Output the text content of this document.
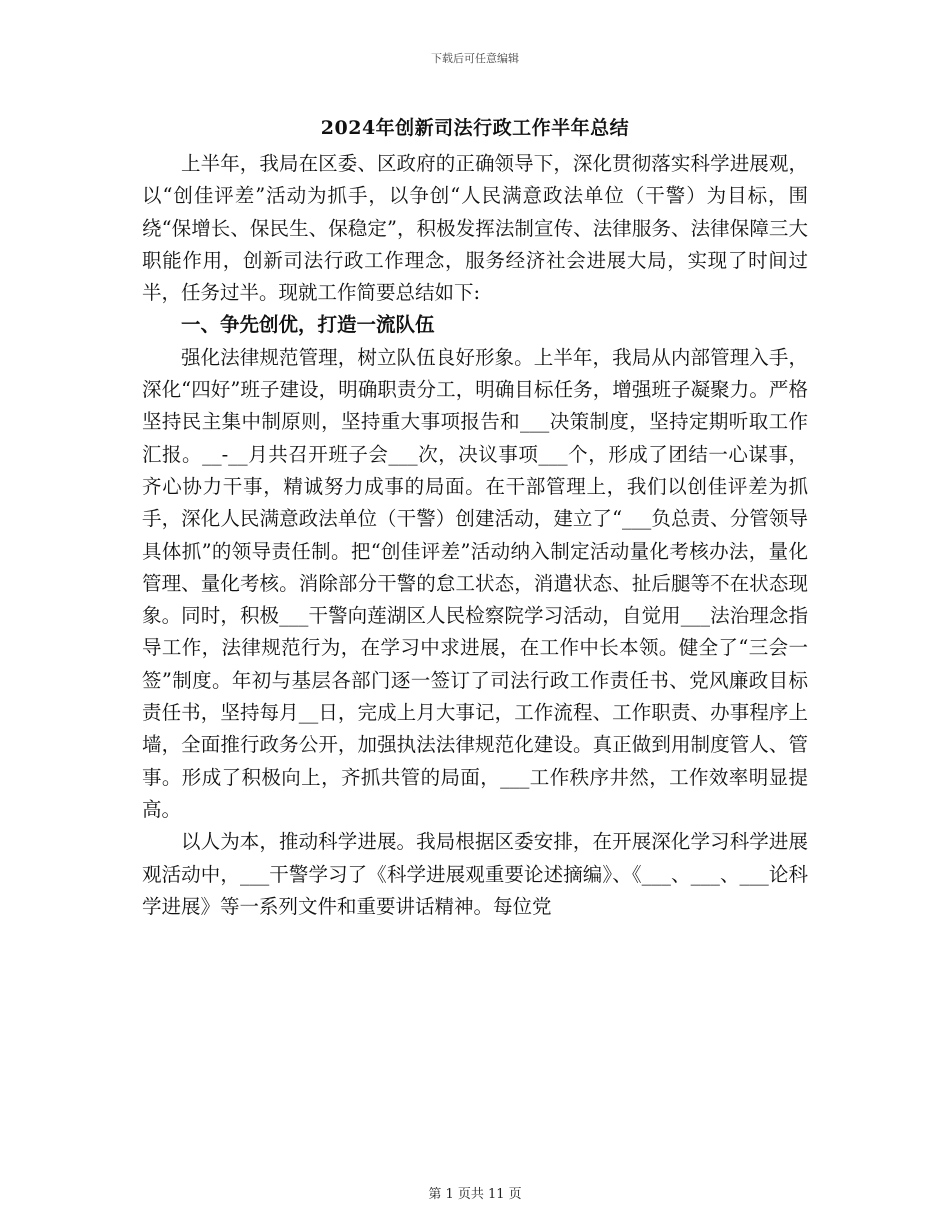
下载后可任意编辑
2024年创新司法行政工作半年总结

上半年，我局在区委、区政府的正确领导下，深化贯彻落实科学进展观，以“创佳评差”活动为抓手，以争创“人民满意政法单位（干警）为目标，围绕“保增长、保民生、保稳定”，积极发挥法制宣传、法律服务、法律保障三大职能作用，创新司法行政工作理念，服务经济社会进展大局，实现了时间过半，任务过半。现就工作简要总结如下:

一、争先创优，打造一流队伍

强化法律规范管理，树立队伍良好形象。上半年，我局从内部管理入手，深化“四好”班子建设，明确职责分工，明确目标任务，增强班子凝聚力。严格坚持民主集中制原则，坚持重大事项报告和___决策制度，坚持定期听取工作汇报。__-__月共召开班子会___次，决议事项___个，形成了团结一心谋事，齐心协力干事，精诚努力成事的局面。在干部管理上，我们以创佳评差为抓手，深化人民满意政法单位（干警）创建活动，建立了“___负总责、分管领导具体抓”的领导责任制。把“创佳评差”活动纳入制定活动量化考核办法，量化管理、量化考核。消除部分干警的怠工状态，消遣状态、扯后腿等不在状态现象。同时，积极___干警向莲湖区人民检察院学习活动，自觉用___法治理念指导工作，法律规范行为，在学习中求进展，在工作中长本领。健全了“三会一签”制度。年初与基层各部门逐一签订了司法行政工作责任书、党风廉政目标责任书，坚持每月__日，完成上月大事记，工作流程、工作职责、办事程序上墙，全面推行政务公开，加强执法法律规范化建设。真正做到用制度管人、管事。形成了积极向上，齐抓共管的局面，___工作秩序井然，工作效率明显提高。

以人为本，推动科学进展。我局根据区委安排，在开展深化学习科学进展观活动中，___干警学习了《科学进展观重要论述摘编》、《___、___、___论科学进展》等一系列文件和重要讲话精神。每位党

第 1 页共 11 页
